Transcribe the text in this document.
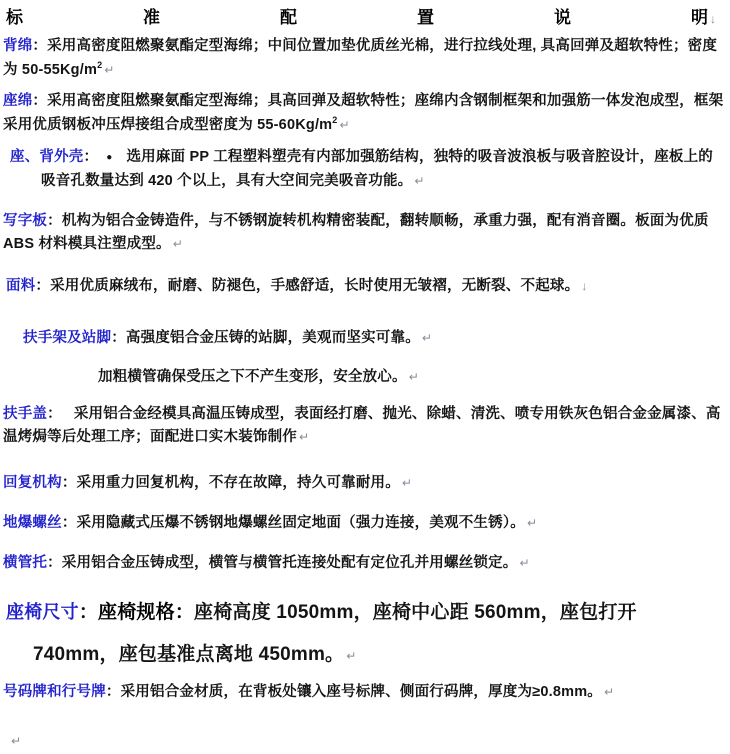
标	准	配	置	说	明 ↓

背绵：采用高密度阻燃聚氨酯定型海绵；中间位置加垫优质丝光棉，进行拉线处理, 具高回弹及超软特性；密度为 $50-55Kg/m^2$ ↵

座绵：采用高密度阻燃聚氨酯定型海绵；具高回弹及超软特性；座绵内含钢制框架和加强筋一体发泡成型，框架采用优质钢板冲压焊接组合成型密度为 $55-60Kg/m^2$ ↵

座、背外壳： ● 选用麻面 PP 工程塑料塑壳有内部加强筋结构，独特的吸音波浪板与吸音腔设计，座板上的吸音孔数量达到 420 个以上，具有大空间完美吸音功能。 ↵

写字板：机构为铝合金铸造件，与不锈钢旋转机构精密装配，翻转顺畅，承重力强，配有消音圈。板面为优质 ABS 材料模具注塑成型。 ↵

面料：采用优质麻绒布，耐磨、防褪色，手感舒适，长时使用无皱褶，无断裂、不起球。 ↓

扶手架及站脚：高强度铝合金压铸的站脚，美观而坚实可靠。 ↵

加粗横管确保受压之下不产生变形，安全放心。 ↵

扶手盖： 采用铝合金经模具高温压铸成型，表面经打磨、抛光、除蜡、清洗、喷专用铁灰色铝合金金属漆、高温烤焗等后处理工序；面配进口实木装饰制作 ↵

回复机构：采用重力回复机构，不存在故障，持久可靠耐用。 ↵

地爆螺丝：采用隐藏式压爆不锈钢地爆螺丝固定地面（强力连接，美观不生锈）。 ↵

横管托：采用铝合金压铸成型，横管与横管托连接处配有定位孔并用螺丝锁定。 ↵

座椅尺寸：座椅规格：座椅高度 1050mm，座椅中心距 560mm，座包打开 740mm，座包基准点离地 450mm。 ↵

号码牌和行号牌：采用铝合金材质，在背板处镶入座号标牌、侧面行码牌，厚度为≥0.8mm。 ↵

↵
